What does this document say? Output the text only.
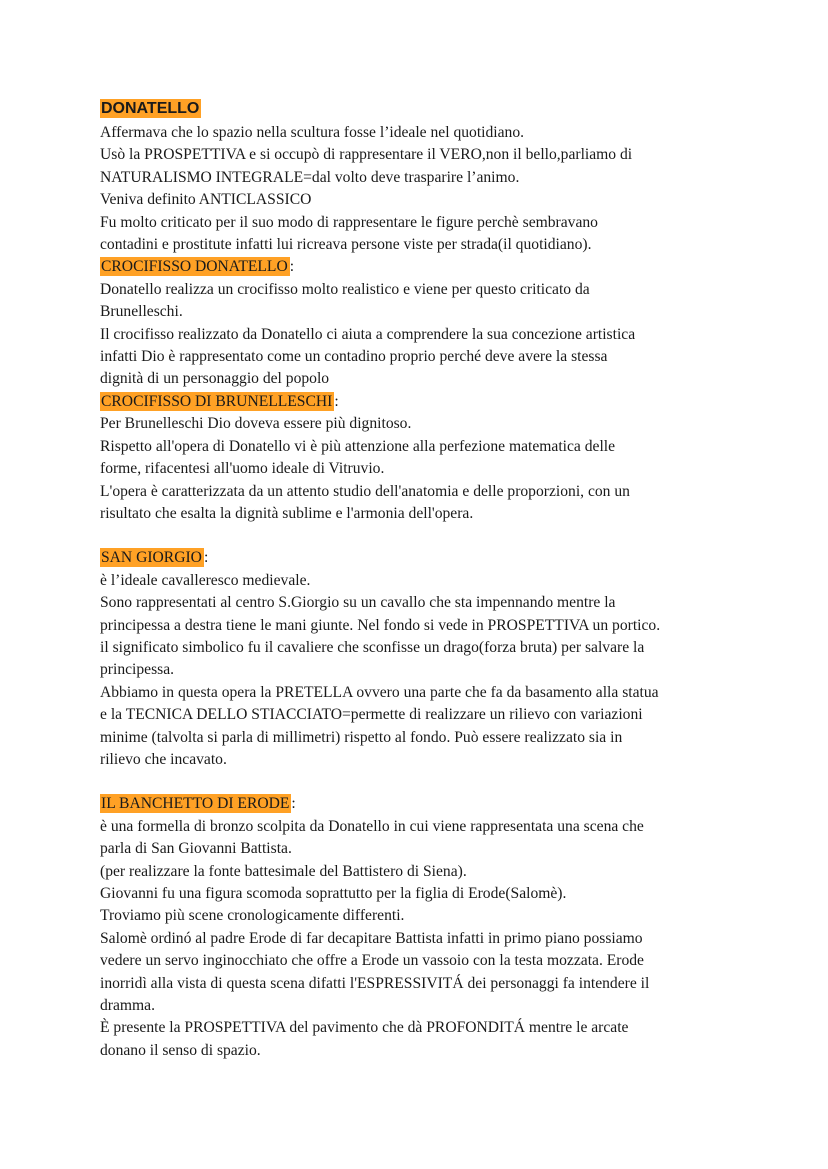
DONATELLO

Affermava che lo spazio nella scultura fosse l’ideale nel quotidiano.

Usò la PROSPETTIVA e si occupò di rappresentare il VERO,non il bello,parliamo di

NATURALISMO INTEGRALE=dal volto deve trasparire l’animo.

Veniva definito ANTICLASSICO

Fu molto criticato per il suo modo di rappresentare le figure perchè sembravano

contadini e prostitute infatti lui ricreava persone viste per strada(il quotidiano).

CROCIFISSO DONATELLO :

Donatello realizza un crocifisso molto realistico e viene per questo criticato da

Brunelleschi.

Il crocifisso realizzato da Donatello ci aiuta a comprendere la sua concezione artistica

infatti Dio è rappresentato come un contadino proprio perché deve avere la stessa

dignità di un personaggio del popolo

CROCIFISSO DI BRUNELLESCHI :

Per Brunelleschi Dio doveva essere più dignitoso.

Rispetto all'opera di Donatello vi è più attenzione alla perfezione matematica delle

forme, rifacentesi all'uomo ideale di Vitruvio.

L'opera è caratterizzata da un attento studio dell'anatomia e delle proporzioni, con un

risultato che esalta la dignità sublime e l'armonia dell'opera.

SAN GIORGIO :

è l’ideale cavalleresco medievale.

Sono rappresentati al centro S.Giorgio su un cavallo che sta impennando mentre la

principessa a destra tiene le mani giunte. Nel fondo si vede in PROSPETTIVA un portico.

il significato simbolico fu il cavaliere che sconfisse un drago(forza bruta) per salvare la

principessa.

Abbiamo in questa opera la PRETELLA ovvero una parte che fa da basamento alla statua

e la TECNICA DELLO STIACCIATO=permette di realizzare un rilievo con variazioni

minime (talvolta si parla di millimetri) rispetto al fondo. Può essere realizzato sia in

rilievo che incavato.

IL BANCHETTO DI ERODE :

è una formella di bronzo scolpita da Donatello in cui viene rappresentata una scena che

parla di San Giovanni Battista.

(per realizzare la fonte battesimale del Battistero di Siena).

Giovanni fu una figura scomoda soprattutto per la figlia di Erode(Salomè).

Troviamo più scene cronologicamente differenti.

Salomè ordinó al padre Erode di far decapitare Battista infatti in primo piano possiamo

vedere un servo inginocchiato che offre a Erode un vassoio con la testa mozzata. Erode

inorridì alla vista di questa scena difatti l'ESPRESSIVITÁ dei personaggi fa intendere il

dramma.

È presente la PROSPETTIVA del pavimento che dà PROFONDITÁ mentre le arcate

donano il senso di spazio.
